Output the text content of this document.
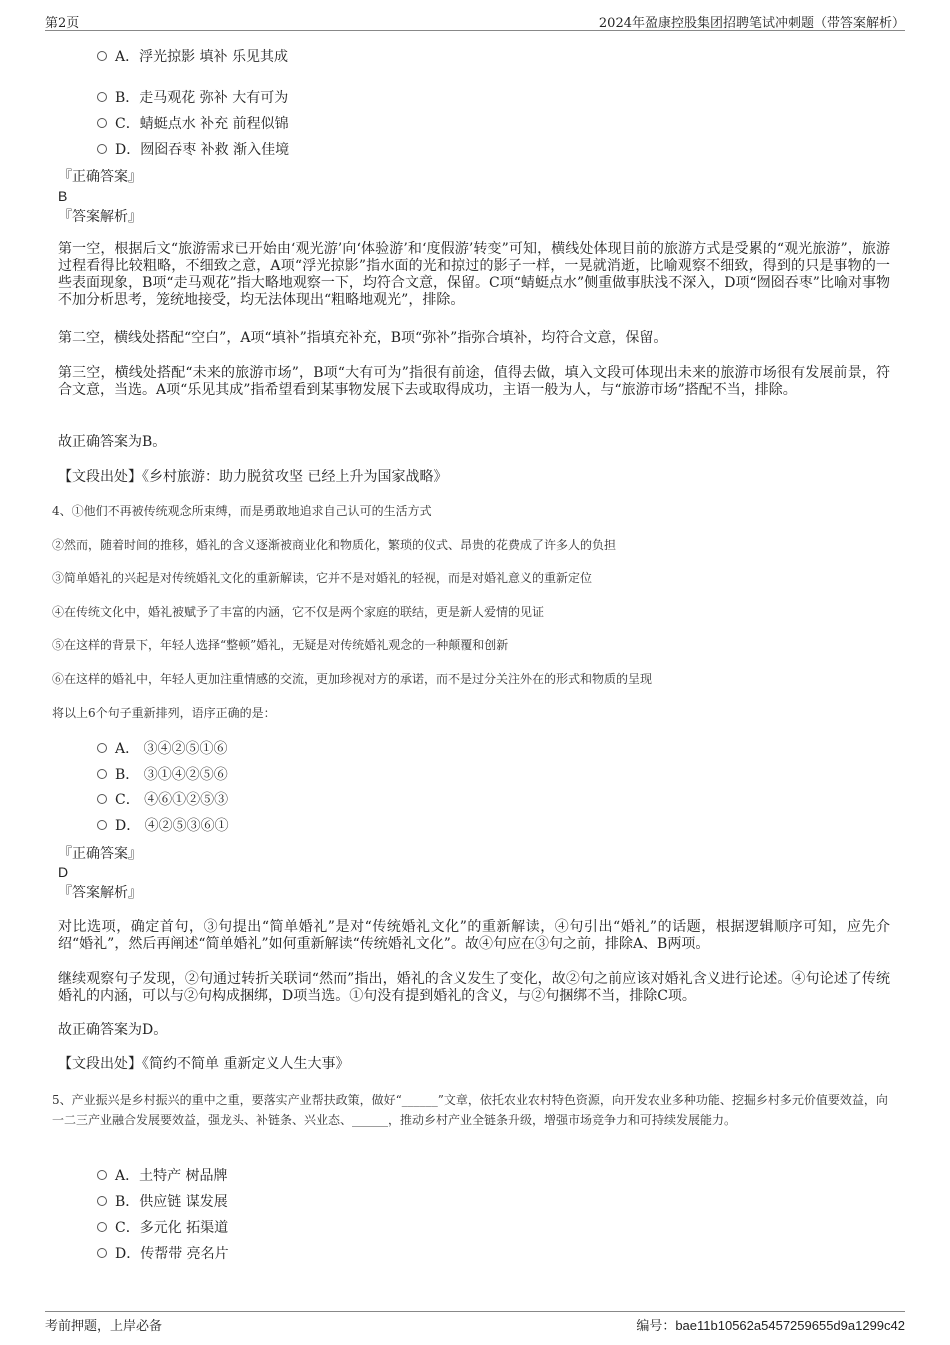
第2页	2024年盈康控股集团招聘笔试冲刺题（带答案解析）
A．浮光掠影 填补 乐见其成
B．走马观花 弥补 大有可为
C．蜻蜓点水 补充 前程似锦
D．囫囵吞枣 补救 渐入佳境
『正确答案』
B
『答案解析』
第一空，根据后文“旅游需求已开始由‘观光游’向‘体验游’和‘度假游’转变”可知，横线处体现目前的旅游方式是受累的“观光旅游”，旅游过程看得比较粗略，不细致之意，A项“浮光掠影”指水面的光和掠过的影子一样，一晃就消逝，比喻观察不细致，得到的只是事物的一些表面现象，B项“走马观花”指大略地观察一下，均符合文意，保留。C项“蜻蜓点水”侧重做事肤浅不深入，D项“囫囵吞枣”比喻对事物不加分析思考，笼统地接受，均无法体现出“粗略地观光”，排除。
第二空，横线处搭配“空白”，A项“填补”指填充补充，B项“弥补”指弥合填补，均符合文意，保留。
第三空，横线处搭配“未来的旅游市场”，B项“大有可为”指很有前途，值得去做，填入文段可体现出未来的旅游市场很有发展前景，符合文意，当选。A项“乐见其成”指希望看到某事物发展下去或取得成功，主语一般为人，与“旅游市场”搭配不当，排除。
故正确答案为B。
【文段出处】《乡村旅游：助力脱贫攻坚 已经上升为国家战略》
4、①他们不再被传统观念所束缚，而是勇敢地追求自己认可的生活方式
②然而，随着时间的推移，婚礼的含义逐渐被商业化和物质化，繁琐的仪式、昂贵的花费成了许多人的负担
③简单婚礼的兴起是对传统婚礼文化的重新解读，它并不是对婚礼的轻视，而是对婚礼意义的重新定位
④在传统文化中，婚礼被赋予了丰富的内涵，它不仅是两个家庭的联结，更是新人爱情的见证
⑤在这样的背景下，年轻人选择“整顿”婚礼，无疑是对传统婚礼观念的一种颠覆和创新
⑥在这样的婚礼中，年轻人更加注重情感的交流，更加珍视对方的承诺，而不是过分关注外在的形式和物质的呈现
将以上6个句子重新排列，语序正确的是：
A． ③④②⑤①⑥
B． ③①④②⑤⑥
C． ④⑥①②⑤③
D． ④②⑤③⑥①
『正确答案』
D
『答案解析』
对比选项，确定首句，③句提出“简单婚礼”是对“传统婚礼文化”的重新解读，④句引出“婚礼”的话题，根据逻辑顺序可知，应先介绍“婚礼”，然后再阐述“简单婚礼”如何重新解读“传统婚礼文化”。故④句应在③句之前，排除A、B两项。
继续观察句子发现，②句通过转折关联词“然而”指出，婚礼的含义发生了变化，故②句之前应该对婚礼含义进行论述。④句论述了传统婚礼的内涵，可以与②句构成捆绑，D项当选。①句没有提到婚礼的含义，与②句捆绑不当，排除C项。
故正确答案为D。
【文段出处】《简约不简单 重新定义人生大事》
5、产业振兴是乡村振兴的重中之重，要落实产业帮扶政策，做好“______”文章，依托农业农村特色资源，向开发农业多种功能、挖掘乡村多元价值要效益，向一二三产业融合发展要效益，强龙头、补链条、兴业态、______，推动乡村产业全链条升级，增强市场竞争力和可持续发展能力。
A．土特产 树品牌
B．供应链 谋发展
C．多元化 拓渠道
D．传帮带 亮名片
考前押题，上岸必备	编号：bae11b10562a5457259655d9a1299c42
